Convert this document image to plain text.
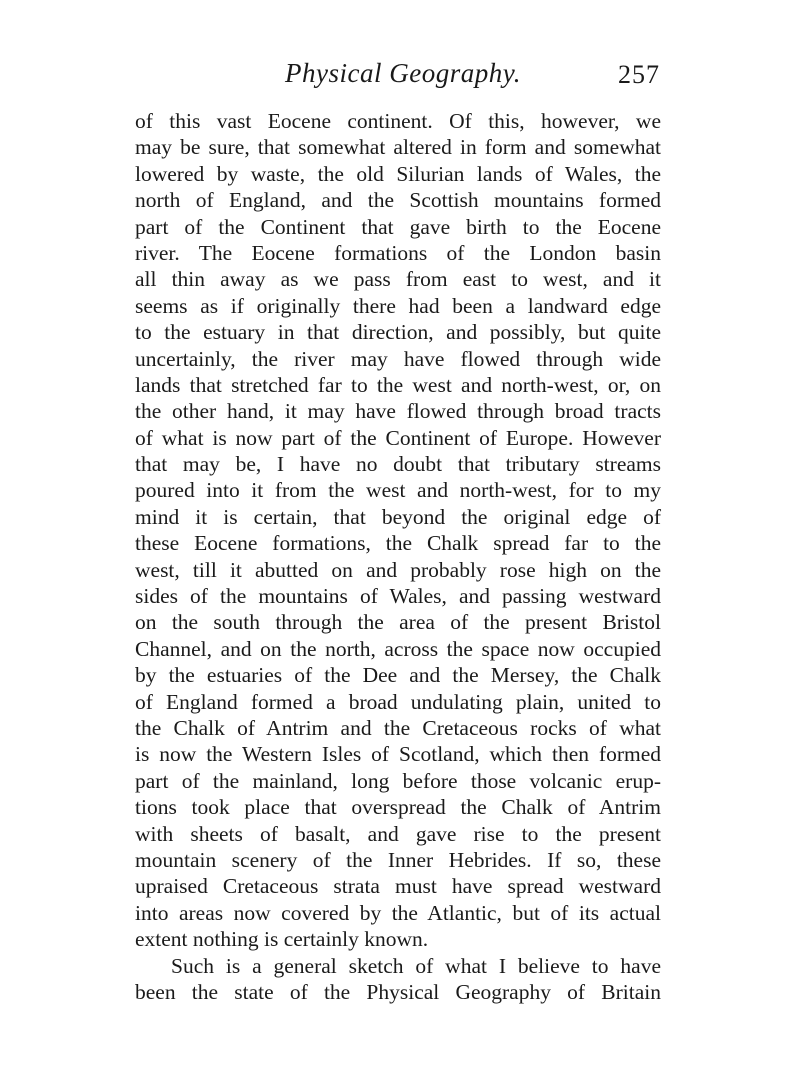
Physical Geography.	257
of this vast Eocene continent. Of this, however, we
may be sure, that somewhat altered in form and somewhat
lowered by waste, the old Silurian lands of Wales, the
north of England, and the Scottish mountains formed
part of the Continent that gave birth to the Eocene
river. The Eocene formations of the London basin
all thin away as we pass from east to west, and it
seems as if originally there had been a landward edge
to the estuary in that direction, and possibly, but quite
uncertainly, the river may have flowed through wide
lands that stretched far to the west and north-west, or, on
the other hand, it may have flowed through broad tracts
of what is now part of the Continent of Europe. However
that may be, I have no doubt that tributary streams
poured into it from the west and north-west, for to my
mind it is certain, that beyond the original edge of
these Eocene formations, the Chalk spread far to the
west, till it abutted on and probably rose high on the
sides of the mountains of Wales, and passing westward
on the south through the area of the present Bristol
Channel, and on the north, across the space now occupied
by the estuaries of the Dee and the Mersey, the Chalk
of England formed a broad undulating plain, united to
the Chalk of Antrim and the Cretaceous rocks of what
is now the Western Isles of Scotland, which then formed
part of the mainland, long before those volcanic erup-
tions took place that overspread the Chalk of Antrim
with sheets of basalt, and gave rise to the present
mountain scenery of the Inner Hebrides. If so, these
upraised Cretaceous strata must have spread westward
into areas now covered by the Atlantic, but of its actual
extent nothing is certainly known.
Such is a general sketch of what I believe to have
been the state of the Physical Geography of Britain
